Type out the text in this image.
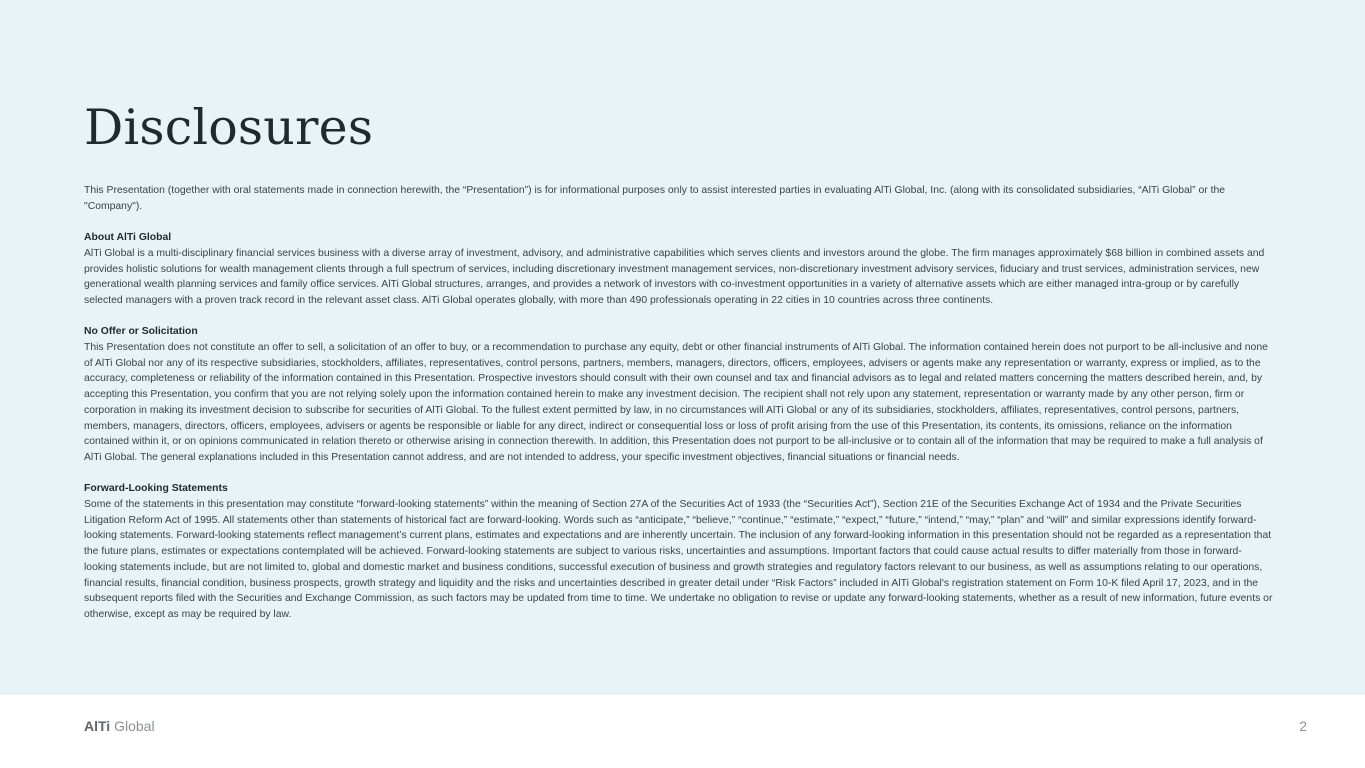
Disclosures

This Presentation (together with oral statements made in connection herewith, the “Presentation”) is for informational purposes only to assist interested parties in evaluating AlTi Global, Inc. (along with its consolidated subsidiaries, “AlTi Global” or the "Company").

About AlTi Global

AlTi Global is a multi-disciplinary financial services business with a diverse array of investment, advisory, and administrative capabilities which serves clients and investors around the globe. The firm manages approximately $68 billion in combined assets and provides holistic solutions for wealth management clients through a full spectrum of services, including discretionary investment management services, non-discretionary investment advisory services, fiduciary and trust services, administration services, new generational wealth planning services and family office services. AlTi Global structures, arranges, and provides a network of investors with co-investment opportunities in a variety of alternative assets which are either managed intra-group or by carefully selected managers with a proven track record in the relevant asset class. AlTi Global operates globally, with more than 490 professionals operating in 22 cities in 10 countries across three continents.

No Offer or Solicitation

This Presentation does not constitute an offer to sell, a solicitation of an offer to buy, or a recommendation to purchase any equity, debt or other financial instruments of AlTi Global. The information contained herein does not purport to be all-inclusive and none of AlTi Global nor any of its respective subsidiaries, stockholders, affiliates, representatives, control persons, partners, members, managers, directors, officers, employees, advisers or agents make any representation or warranty, express or implied, as to the accuracy, completeness or reliability of the information contained in this Presentation. Prospective investors should consult with their own counsel and tax and financial advisors as to legal and related matters concerning the matters described herein, and, by accepting this Presentation, you confirm that you are not relying solely upon the information contained herein to make any investment decision. The recipient shall not rely upon any statement, representation or warranty made by any other person, firm or corporation in making its investment decision to subscribe for securities of AlTi Global. To the fullest extent permitted by law, in no circumstances will AlTi Global or any of its subsidiaries, stockholders, affiliates, representatives, control persons, partners, members, managers, directors, officers, employees, advisers or agents be responsible or liable for any direct, indirect or consequential loss or loss of profit arising from the use of this Presentation, its contents, its omissions, reliance on the information contained within it, or on opinions communicated in relation thereto or otherwise arising in connection therewith. In addition, this Presentation does not purport to be all-inclusive or to contain all of the information that may be required to make a full analysis of AlTi Global. The general explanations included in this Presentation cannot address, and are not intended to address, your specific investment objectives, financial situations or financial needs.

Forward-Looking Statements

Some of the statements in this presentation may constitute “forward-looking statements” within the meaning of Section 27A of the Securities Act of 1933 (the “Securities Act”), Section 21E of the Securities Exchange Act of 1934 and the Private Securities Litigation Reform Act of 1995. All statements other than statements of historical fact are forward-looking. Words such as “anticipate,” “believe,” “continue,” “estimate,” “expect,” “future,” “intend,” “may,” “plan” and “will” and similar expressions identify forward-looking statements. Forward-looking statements reflect management’s current plans, estimates and expectations and are inherently uncertain. The inclusion of any forward-looking information in this presentation should not be regarded as a representation that the future plans, estimates or expectations contemplated will be achieved. Forward-looking statements are subject to various risks, uncertainties and assumptions. Important factors that could cause actual results to differ materially from those in forward-looking statements include, but are not limited to, global and domestic market and business conditions, successful execution of business and growth strategies and regulatory factors relevant to our business, as well as assumptions relating to our operations, financial results, financial condition, business prospects, growth strategy and liquidity and the risks and uncertainties described in greater detail under “Risk Factors” included in AlTi Global's registration statement on Form 10-K filed April 17, 2023, and in the subsequent reports filed with the Securities and Exchange Commission, as such factors may be updated from time to time. We undertake no obligation to revise or update any forward-looking statements, whether as a result of new information, future events or otherwise, except as may be required by law.

AlTi Global	2
